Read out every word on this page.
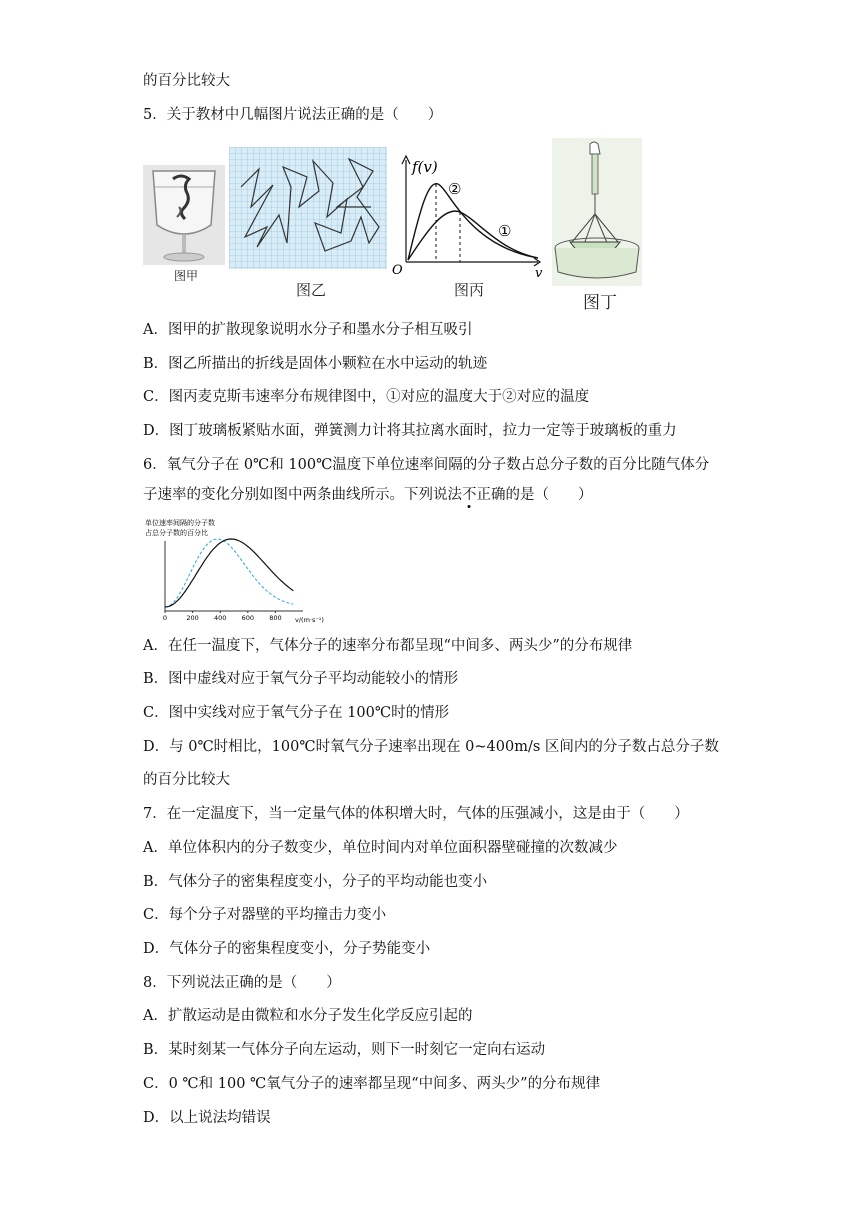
的百分比较大
5．关于教材中几幅图片说法正确的是（　　）
图甲
图乙
f(v)
②
①
O	v
图丙
图丁
A．图甲的扩散现象说明水分子和墨水分子相互吸引
B．图乙所描出的折线是固体小颗粒在水中运动的轨迹
C．图丙麦克斯韦速率分布规律图中，①对应的温度大于②对应的温度
D．图丁玻璃板紧贴水面，弹簧测力计将其拉离水面时，拉力一定等于玻璃板的重力
6．氧气分子在 0℃和 100℃温度下单位速率间隔的分子数占总分子数的百分比随气体分
子速率的变化分别如图中两条曲线所示。下列说法不正确的是（　　）
单位速率间隔的分子数
占总分子数的百分比
0	200 400 600 800 v/(m·s⁻¹)
A．在任一温度下，气体分子的速率分布都呈现“中间多、两头少”的分布规律
B．图中虚线对应于氧气分子平均动能较小的情形
C．图中实线对应于氧气分子在 100℃时的情形
D．与 0℃时相比，100℃时氧气分子速率出现在 0~400m/s 区间内的分子数占总分子数
的百分比较大
7．在一定温度下，当一定量气体的体积增大时，气体的压强减小，这是由于（　　）
A．单位体积内的分子数变少，单位时间内对单位面积器壁碰撞的次数减少
B．气体分子的密集程度变小，分子的平均动能也变小
C．每个分子对器壁的平均撞击力变小
D．气体分子的密集程度变小，分子势能变小
8．下列说法正确的是（　　）
A．扩散运动是由微粒和水分子发生化学反应引起的
B．某时刻某一气体分子向左运动，则下一时刻它一定向右运动
C．0 ℃和 100 ℃氧气分子的速率都呈现“中间多、两头少”的分布规律
D．以上说法均错误
